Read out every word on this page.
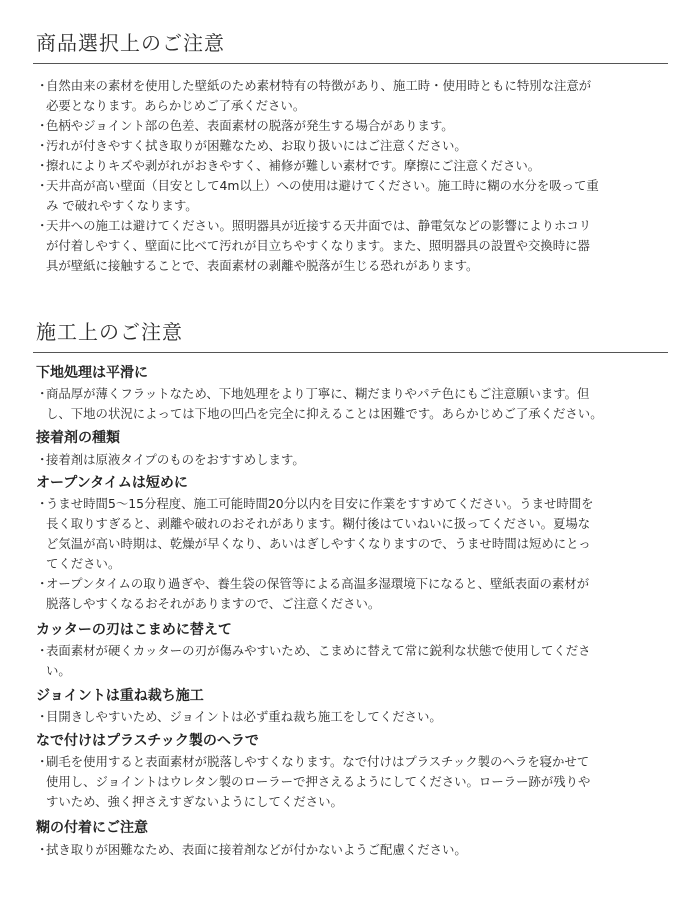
商品選択上のご注意
・
自然由来の素材を使用した壁紙のため素材特有の特徴があり、施工時・使用時ともに特別な注意が
必要となります。あらかじめご了承ください。
・
色柄やジョイント部の色差、表面素材の脱落が発生する場合があります。
・
汚れが付きやすく拭き取りが困難なため、お取り扱いにはご注意ください。
・
擦れによりキズや剥がれがおきやすく、補修が難しい素材です。摩擦にご注意ください。
・
天井高が高い壁面（目安として4m以上）への使用は避けてください。施工時に糊の水分を吸って重
み で破れやすくなります。
・
天井への施工は避けてください。照明器具が近接する天井面では、静電気などの影響によりホコリ
が付着しやすく、壁面に比べて汚れが目立ちやすくなります。また、照明器具の設置や交換時に器
具が壁紙に接触することで、表面素材の剥離や脱落が生じる恐れがあります。
施工上のご注意
下地処理は平滑に
・
商品厚が薄くフラットなため、下地処理をより丁寧に、糊だまりやパテ色にもご注意願います。但
し、下地の状況によっては下地の凹凸を完全に抑えることは困難です。あらかじめご了承ください。
接着剤の種類
・
接着剤は原液タイプのものをおすすめします。
オープンタイムは短めに
・
うませ時間5〜15分程度、施工可能時間20分以内を目安に作業をすすめてください。うませ時間を
長く取りすぎると、剥離や破れのおそれがあります。糊付後はていねいに扱ってください。夏場な
ど気温が高い時期は、乾燥が早くなり、あいはぎしやすくなりますので、うませ時間は短めにとっ
てください。
・
オープンタイムの取り過ぎや、養生袋の保管等による高温多湿環境下になると、壁紙表面の素材が
脱落しやすくなるおそれがありますので、ご注意ください。
カッターの刃はこまめに替えて
・
表面素材が硬くカッターの刃が傷みやすいため、こまめに替えて常に鋭利な状態で使用してくださ
い。
ジョイントは重ね裁ち施工
・
目開きしやすいため、ジョイントは必ず重ね裁ち施工をしてください。
なで付けはプラスチック製のヘラで
・
刷毛を使用すると表面素材が脱落しやすくなります。なで付けはプラスチック製のヘラを寝かせて
使用し、ジョイントはウレタン製のローラーで押さえるようにしてください。ローラー跡が残りや
すいため、強く押さえすぎないようにしてください。
糊の付着にご注意
・
拭き取りが困難なため、表面に接着剤などが付かないようご配慮ください。
